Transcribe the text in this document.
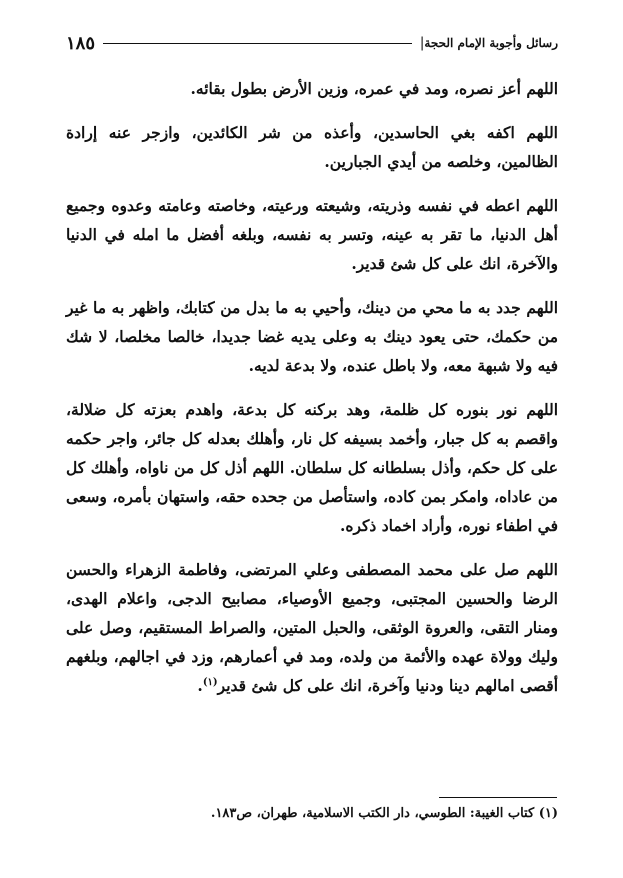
رسائل وأجوبة الإمام الحجة
|
١٨٥

اللهم أعز نصره، ومد في عمره، وزين الأرض بطول بقائه.

اللهم اكفه بغي الحاسدين، وأعذه من شر الكائدين، وازجر عنه إرادة الظالمين، وخلصه من أيدي الجبارين.

اللهم اعطه في نفسه وذريته، وشيعته ورعيته، وخاصته وعامته وعدوه وجميع أهل الدنيا، ما تقر به عينه، وتسر به نفسه، وبلغه أفضل ما امله في الدنيا والآخرة، انك على كل شئ قدير.

اللهم جدد به ما محي من دينك، وأحيي به ما بدل من كتابك، واظهر به ما غير من حكمك، حتى يعود دينك به وعلى يديه غضا جديدا، خالصا مخلصا، لا شك فيه ولا شبهة معه، ولا باطل عنده، ولا بدعة لديه.

اللهم نور بنوره كل ظلمة، وهد بركنه كل بدعة، واهدم بعزته كل ضلالة، واقصم به كل جبار، وأخمد بسيفه كل نار، وأهلك بعدله كل جائر، واجر حكمه على كل حكم، وأذل بسلطانه كل سلطان. اللهم أذل كل من ناواه، وأهلك كل من عاداه، وامكر بمن كاده، واستأصل من جحده حقه، واستهان بأمره، وسعى في اطفاء نوره، وأراد اخماد ذكره.

اللهم صل على محمد المصطفى وعلي المرتضى، وفاطمة الزهراء والحسن الرضا والحسين المجتبى، وجميع الأوصياء، مصابيح الدجى، واعلام الهدى، ومنار التقى، والعروة الوثقى، والحبل المتين، والصراط المستقيم، وصل على وليك وولاة عهده والأئمة من ولده، ومد في أعمارهم، وزد في اجالهم، وبلغهم أقصى امالهم دينا ودنيا وآخرة، انك على كل شئ قدير$^{(١)}$.

(١) كتاب الغيبة: الطوسي، دار الكتب الاسلامية، طهران، ص١٨٣.
